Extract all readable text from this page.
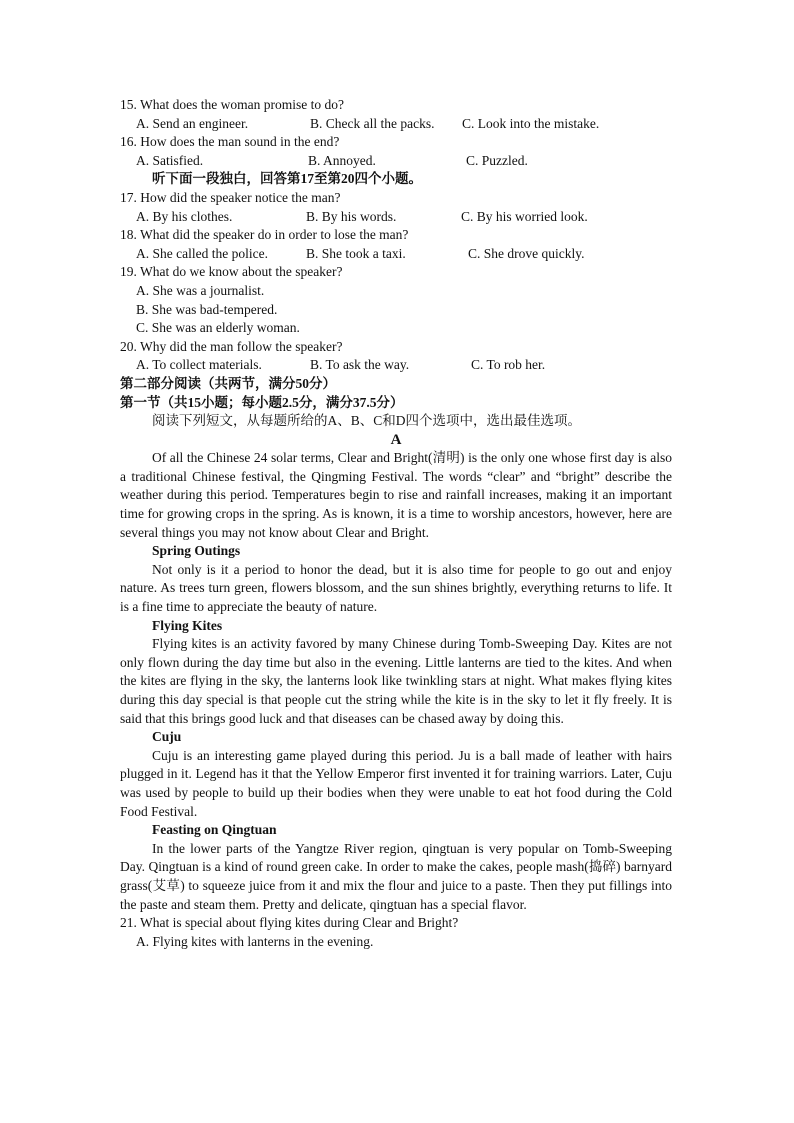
15. What does the woman promise to do?
A. Send an engineer.	B. Check all the packs. C. Look into the mistake.
16. How does the man sound in the end?
A. Satisfied.	B. Annoyed.	C. Puzzled.
听下面一段独白，回答第17至第20四个小题。
17. How did the speaker notice the man?
A. By his clothes.	B. By his words.	C. By his worried look.
18. What did the speaker do in order to lose the man?
A. She called the police.	B. She took a taxi.	C. She drove quickly.
19. What do we know about the speaker?
A. She was a journalist.
B. She was bad-tempered.
C. She was an elderly woman.
20. Why did the man follow the speaker?
A. To collect materials.	B. To ask the way.	C. To rob her.
第二部分阅读（共两节，满分50分）
第一节（共15小题；每小题2.5分，满分37.5分）
阅读下列短文，从每题所给的A、B、C和D四个选项中，选出最佳选项。
A

Of all the Chinese 24 solar terms, Clear and Bright(清明) is the only one whose first day is also a traditional Chinese festival, the Qingming Festival. The words “clear” and “bright” describe the weather during this period. Temperatures begin to rise and rainfall increases, making it an important time for growing crops in the spring. As is known, it is a time to worship ancestors, however, here are several things you may not know about Clear and Bright.

Spring Outings

Not only is it a period to honor the dead, but it is also time for people to go out and enjoy nature. As trees turn green, flowers blossom, and the sun shines brightly, everything returns to life. It is a fine time to appreciate the beauty of nature.

Flying Kites

Flying kites is an activity favored by many Chinese during Tomb-Sweeping Day. Kites are not only flown during the day time but also in the evening. Little lanterns are tied to the kites. And when the kites are flying in the sky, the lanterns look like twinkling stars at night. What makes flying kites during this day special is that people cut the string while the kite is in the sky to let it fly freely. It is said that this brings good luck and that diseases can be chased away by doing this.

Cuju

Cuju is an interesting game played during this period. Ju is a ball made of leather with hairs plugged in it. Legend has it that the Yellow Emperor first invented it for training warriors. Later, Cuju was used by people to build up their bodies when they were unable to eat hot food during the Cold Food Festival.

Feasting on Qingtuan

In the lower parts of the Yangtze River region, qingtuan is very popular on Tomb-Sweeping Day. Qingtuan is a kind of round green cake. In order to make the cakes, people mash(捣碎) barnyard grass(艾草) to squeeze juice from it and mix the flour and juice to a paste. Then they put fillings into the paste and steam them. Pretty and delicate, qingtuan has a special flavor.

21. What is special about flying kites during Clear and Bright?
A. Flying kites with lanterns in the evening.
